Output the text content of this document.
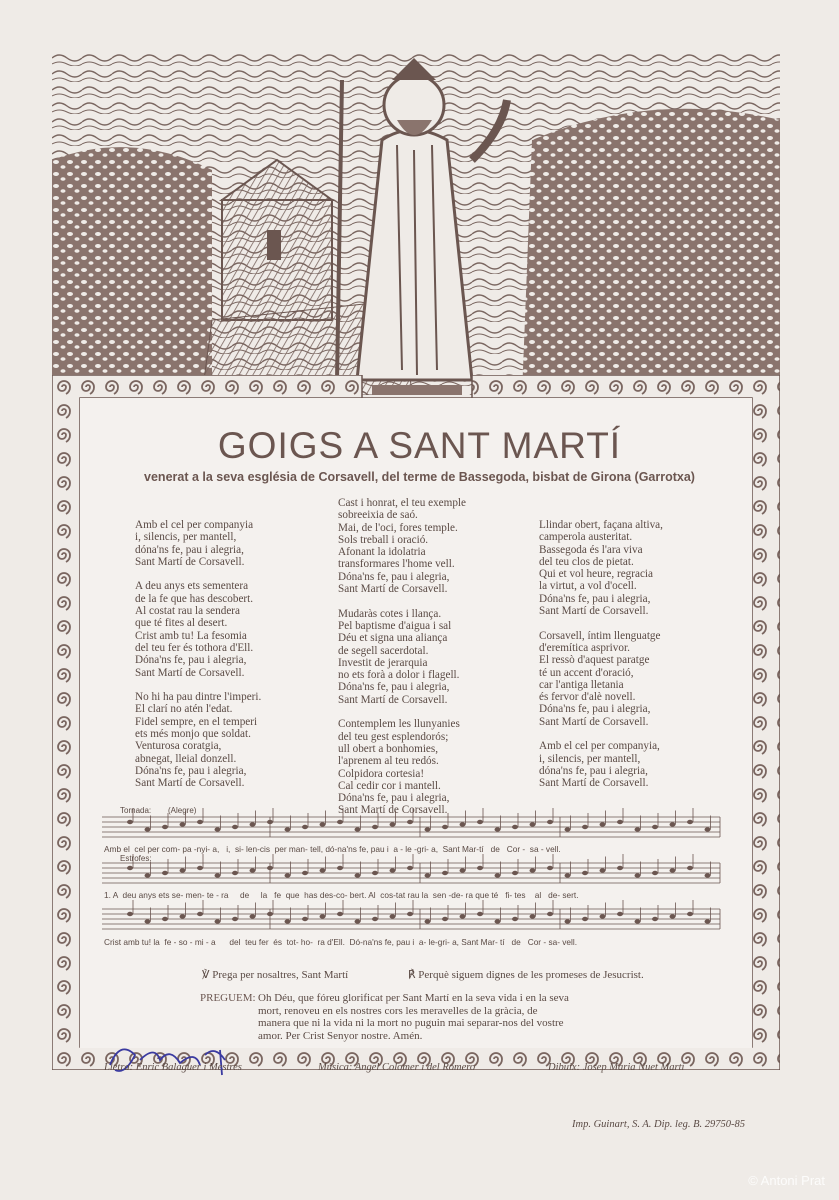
GOIGS A SANT MARTÍ
venerat a la seva església de Corsavell, del terme de Bassegoda, bisbat de Girona (Garrotxa)
Amb el cel per companyia
i, silencis, per mantell,
dóna'ns fe, pau i alegria,
Sant Martí de Corsavell.
A deu anys ets sementera
de la fe que has descobert.
Al costat rau la sendera
que té fites al desert.
Crist amb tu! La fesomia
del teu fer és tothora d'Ell.
Dóna'ns fe, pau i alegria,
Sant Martí de Corsavell.
No hi ha pau dintre l'imperi.
El clarí no atén l'edat.
Fidel sempre, en el temperi
ets més monjo que soldat.
Venturosa coratgia,
abnegat, lleial donzell.
Dóna'ns fe, pau i alegria,
Sant Martí de Corsavell.
Cast i honrat, el teu exemple
sobreeixia de saó.
Mai, de l'oci, fores temple.
Sols treball i oració.
Afonant la idolatria
transformares l'home vell.
Dóna'ns fe, pau i alegria,
Sant Martí de Corsavell.
Mudaràs cotes i llança.
Pel baptisme d'aigua i sal
Déu et signa una aliança
de segell sacerdotal.
Investit de jerarquia
no ets forà a dolor i flagell.
Dóna'ns fe, pau i alegria,
Sant Martí de Corsavell.
Contemplem les llunyanies
del teu gest esplendorós;
ull obert a bonhomies,
l'aprenem al teu redós.
Colpidora cortesia!
Cal cedir cor i mantell.
Dóna'ns fe, pau i alegria,
Sant Martí de Corsavell.
Llindar obert, façana altiva,
camperola austeritat.
Bassegoda és l'ara viva
del teu clos de pietat.
Qui et vol heure, regracia
la virtut, a vol d'ocell.
Dóna'ns fe, pau i alegria,
Sant Martí de Corsavell.
Corsavell, íntim llenguatge
d'eremítica asprivor.
El ressò d'aquest paratge
té un accent d'oració,
car l'antiga lletania
és fervor d'alè novell.
Dóna'ns fe, pau i alegria,
Sant Martí de Corsavell.
Amb el cel per companyia,
i, silencis, per mantell,
dóna'ns fe, pau i alegria,
Sant Martí de Corsavell.
Tornada: (Alegre)
Estrofes:
Amb el  cel per com- pa -nyi- a,   i,  si- len-cis  per man- tell, dó-na'ns fe, pau i  a - le -gri- a,  Sant Mar-tí   de   Cor -  sa - vell.
1. A  deu anys ets se- men- te - ra     de     la   fe  que  has des-co- bert. Al  cos-tat rau la  sen -de- ra que té   fi- tes    al   de- sert.
Crist amb tu! la  fe - so - mi - a      del  teu fer  és  tot- ho-  ra d'Ell.  Dó-na'ns fe, pau i  a- le-gri- a, Sant Mar- tí   de   Cor - sa- vell.
℣ Prega per nosaltres, Sant Martí	℟ Perquè siguem dignes de les promeses de Jesucrist.
PREGUEM: Oh Déu, que fóreu glorificat per Sant Martí en la seva vida i en la seva
mort, renoveu en els nostres cors les meravelles de la gràcia, de
manera que ni la vida ni la mort no puguin mai separar-nos del vostre
amor. Per Crist Senyor nostre. Amén.
Lletra: Enric Balaguer i Mestres	Música: Angel Colomer i del Romero	Dibuix: Josep Maria Nuet Martí
Imp. Guinart, S. A. Dip. leg. B. 29750-85
© Antoni Prat
